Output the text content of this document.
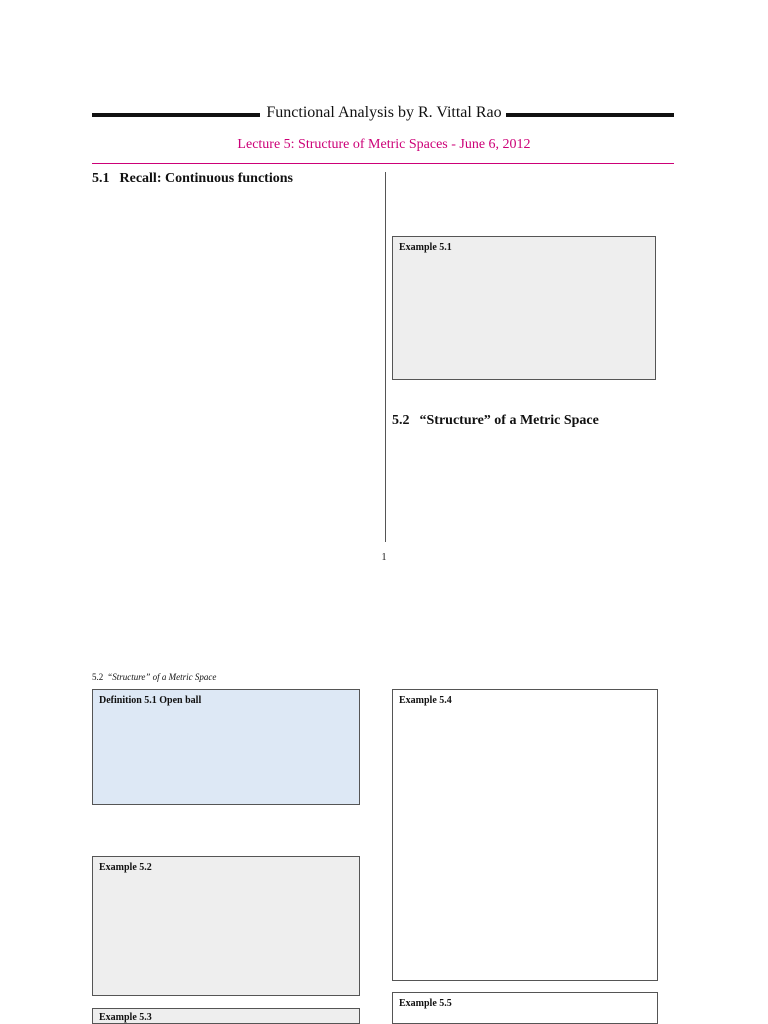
Functional Analysis by R. Vittal Rao
Lecture 5: Structure of Metric Spaces - June 6, 2012
5.1 Recall: Continuous functions
Example 5.1
5.2 “Structure” of a Metric Space
1
5.2 “Structure” of a Metric Space
Definition 5.1 Open ball
Example 5.2
Example 5.3
Example 5.4
Example 5.5
